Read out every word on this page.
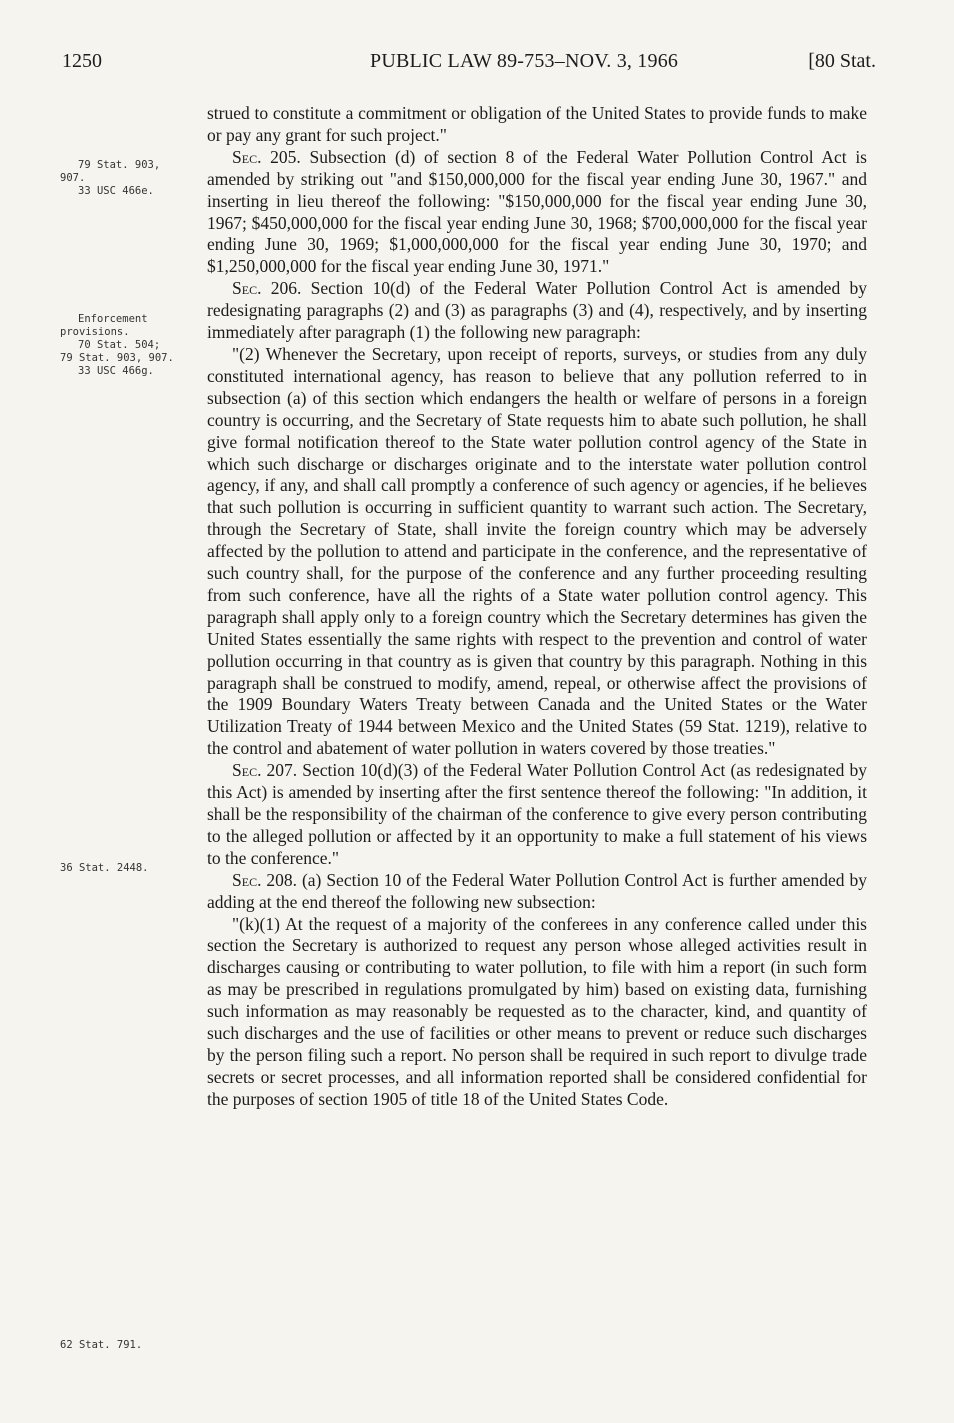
1250	PUBLIC LAW 89-753–NOV. 3, 1966	[80 Stat.
79 Stat. 903,
907.
33 USC 466e.
Enforcement
provisions.
70 Stat. 504;
79 Stat. 903, 907.
33 USC 466g.
36 Stat. 2448.
62 Stat. 791.

strued to constitute a commitment or obligation of the United States to provide funds to make or pay any grant for such project."

Sec. 205. Subsection (d) of section 8 of the Federal Water Pollution Control Act is amended by striking out "and $150,000,000 for the fiscal year ending June 30, 1967." and inserting in lieu thereof the following: "$150,000,000 for the fiscal year ending June 30, 1967; $450,000,000 for the fiscal year ending June 30, 1968; $700,000,000 for the fiscal year ending June 30, 1969; $1,000,000,000 for the fiscal year ending June 30, 1970; and $1,250,000,000 for the fiscal year ending June 30, 1971."

Sec. 206. Section 10(d) of the Federal Water Pollution Control Act is amended by redesignating paragraphs (2) and (3) as paragraphs (3) and (4), respectively, and by inserting immediately after paragraph (1) the following new paragraph:

"(2) Whenever the Secretary, upon receipt of reports, surveys, or studies from any duly constituted international agency, has reason to believe that any pollution referred to in subsection (a) of this section which endangers the health or welfare of persons in a foreign country is occurring, and the Secretary of State requests him to abate such pollution, he shall give formal notification thereof to the State water pollution control agency of the State in which such discharge or discharges originate and to the interstate water pollution control agency, if any, and shall call promptly a conference of such agency or agencies, if he believes that such pollution is occurring in sufficient quantity to warrant such action. The Secretary, through the Secretary of State, shall invite the foreign country which may be adversely affected by the pollution to attend and participate in the conference, and the representative of such country shall, for the purpose of the conference and any further proceeding resulting from such conference, have all the rights of a State water pollution control agency. This paragraph shall apply only to a foreign country which the Secretary determines has given the United States essentially the same rights with respect to the prevention and control of water pollution occurring in that country as is given that country by this paragraph. Nothing in this paragraph shall be construed to modify, amend, repeal, or otherwise affect the provisions of the 1909 Boundary Waters Treaty between Canada and the United States or the Water Utilization Treaty of 1944 between Mexico and the United States (59 Stat. 1219), relative to the control and abatement of water pollution in waters covered by those treaties."

Sec. 207. Section 10(d)(3) of the Federal Water Pollution Control Act (as redesignated by this Act) is amended by inserting after the first sentence thereof the following: "In addition, it shall be the responsibility of the chairman of the conference to give every person contributing to the alleged pollution or affected by it an opportunity to make a full statement of his views to the conference."

Sec. 208. (a) Section 10 of the Federal Water Pollution Control Act is further amended by adding at the end thereof the following new subsection:

"(k)(1) At the request of a majority of the conferees in any conference called under this section the Secretary is authorized to request any person whose alleged activities result in discharges causing or contributing to water pollution, to file with him a report (in such form as may be prescribed in regulations promulgated by him) based on existing data, furnishing such information as may reasonably be requested as to the character, kind, and quantity of such discharges and the use of facilities or other means to prevent or reduce such discharges by the person filing such a report. No person shall be required in such report to divulge trade secrets or secret processes, and all information reported shall be considered confidential for the purposes of section 1905 of title 18 of the United States Code.
